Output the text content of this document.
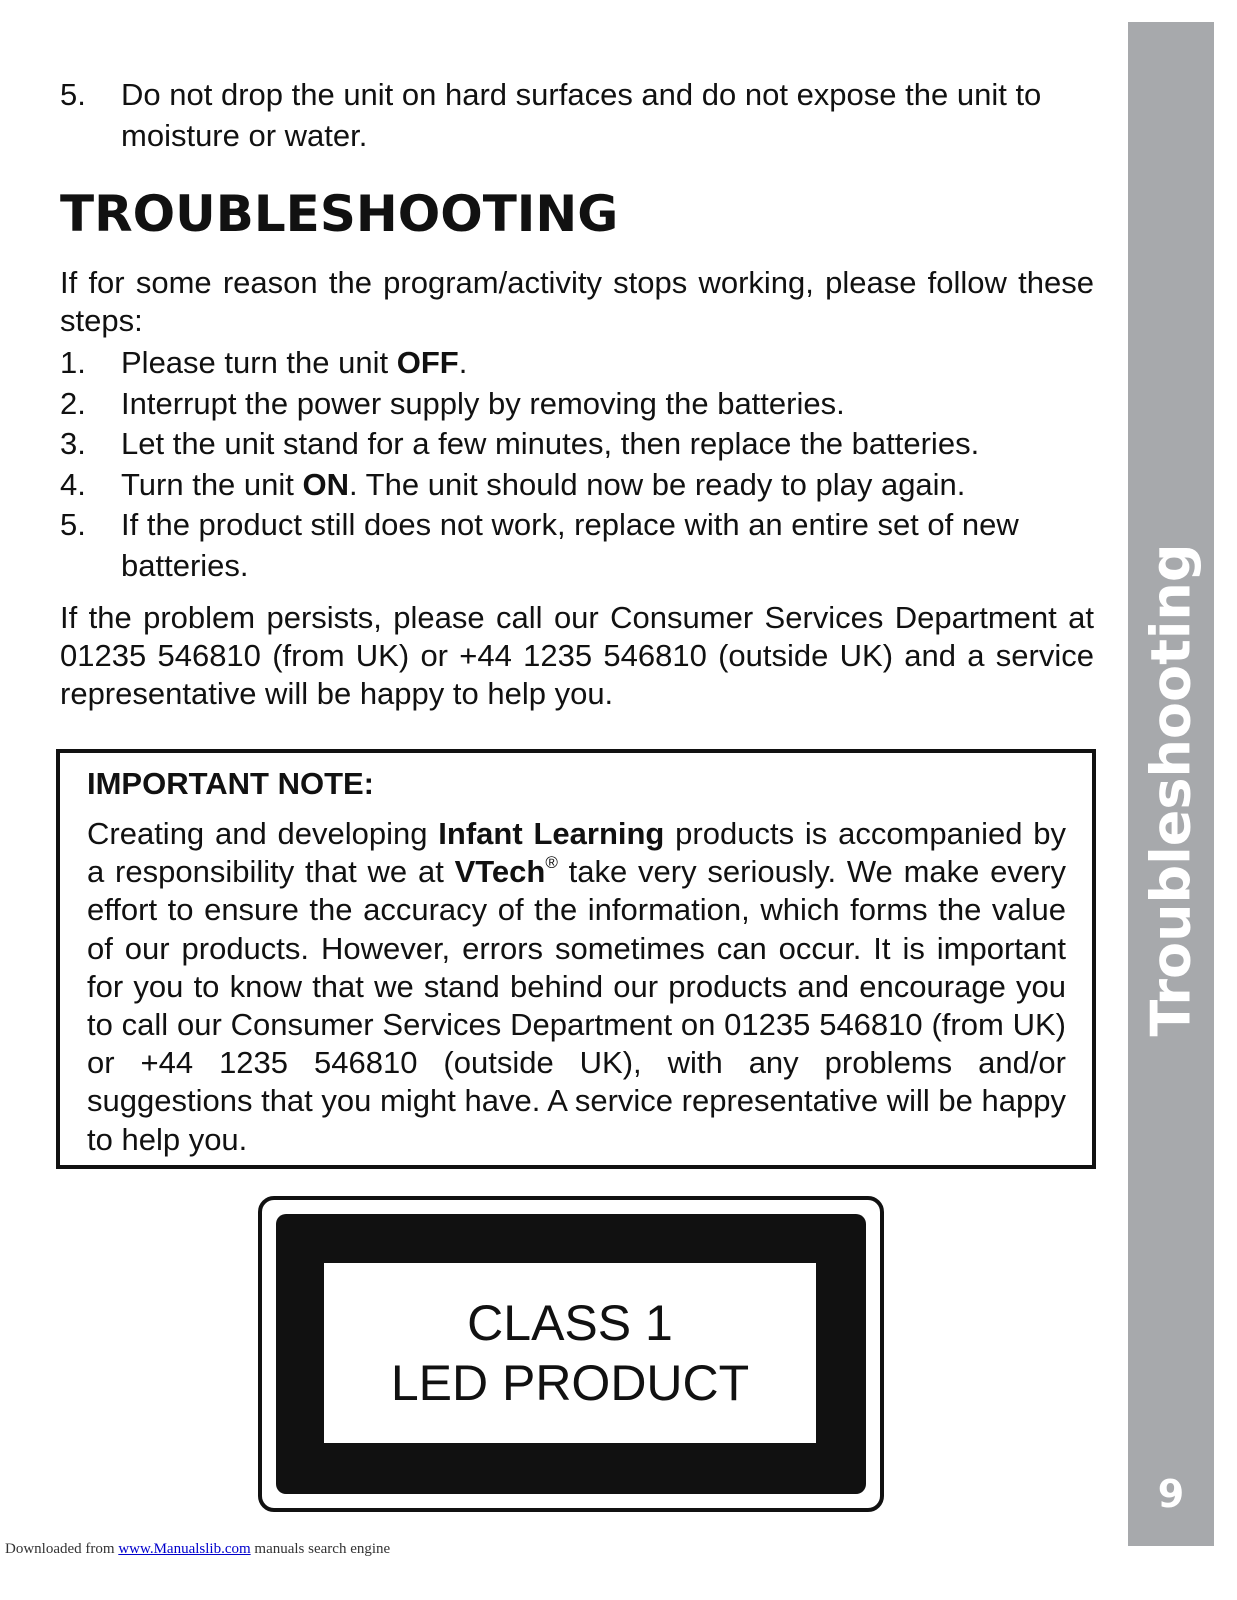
5. Do not drop the unit on hard surfaces and do not expose the unit to moisture or water.
TROUBLESHOOTING
If for some reason the program/activity stops working, please follow these steps:
1. Please turn the unit OFF.
2. Interrupt the power supply by removing the batteries.
3. Let the unit stand for a few minutes, then replace the batteries.
4. Turn the unit ON. The unit should now be ready to play again.
5. If the product still does not work, replace with an entire set of new batteries.
If the problem persists, please call our Consumer Services Department at 01235 546810 (from UK) or +44 1235 546810 (outside UK) and a service representative will be happy to help you.
IMPORTANT NOTE:
Creating and developing Infant Learning products is accompanied by a responsibility that we at VTech® take very seriously. We make every effort to ensure the accuracy of the information, which forms the value of our products. However, errors sometimes can occur. It is important for you to know that we stand behind our products and encourage you to call our Consumer Services Department on 01235 546810 (from UK) or +44 1235 546810 (outside UK), with any problems and/or suggestions that you might have. A service representative will be happy to help you.
CLASS 1
LED PRODUCT
Troubleshooting
9
Downloaded from www.Manualslib.com manuals search engine
